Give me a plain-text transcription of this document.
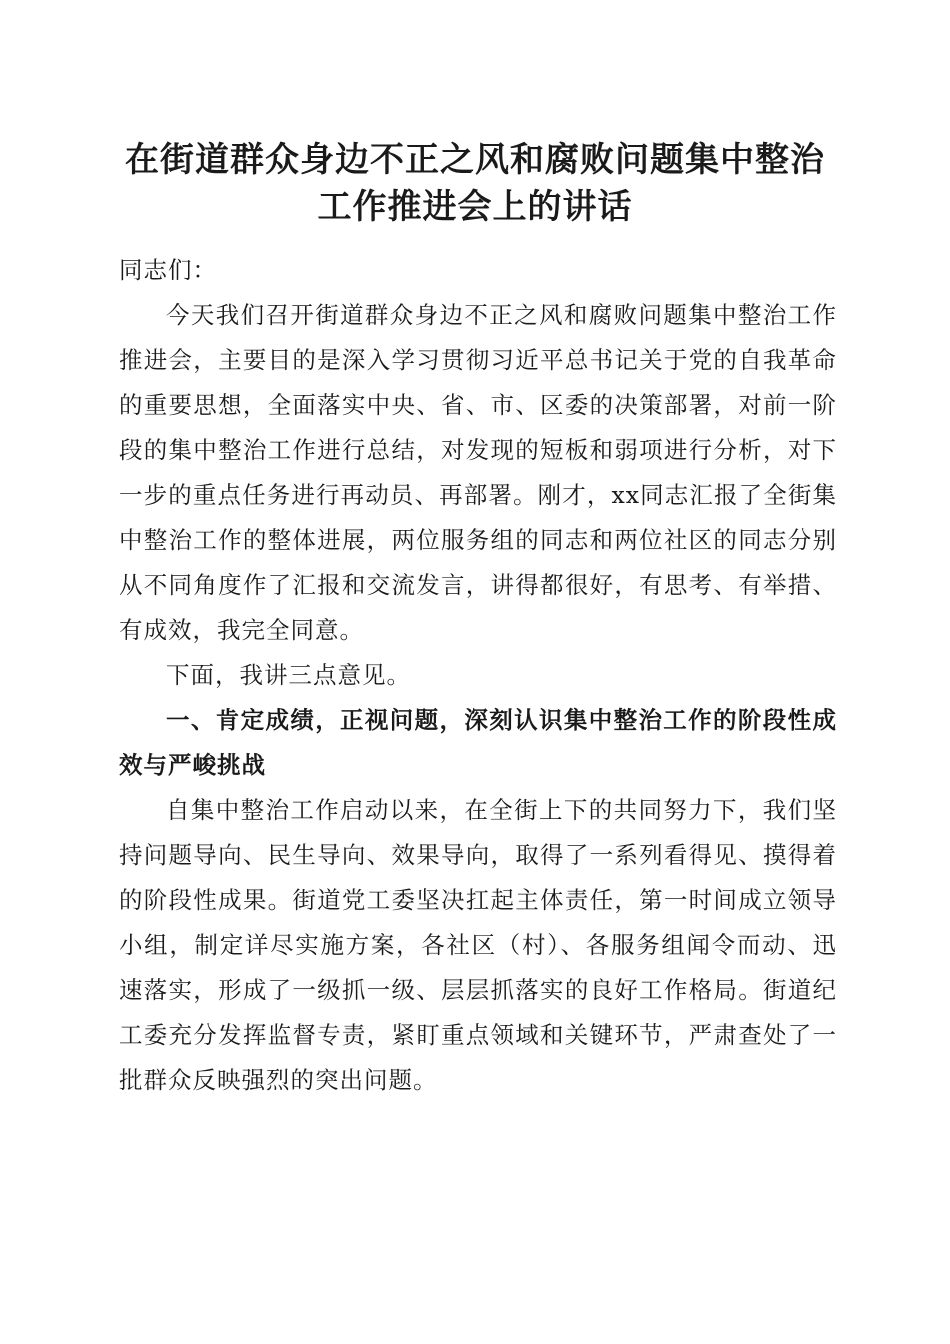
在街道群众身边不正之风和腐败问题集中整治
工作推进会上的讲话

同志们：

今天我们召开街道群众身边不正之风和腐败问题集中整治工作推进会，主要目的是深入学习贯彻习近平总书记关于党的自我革命的重要思想，全面落实中央、省、市、区委的决策部署，对前一阶段的集中整治工作进行总结，对发现的短板和弱项进行分析，对下一步的重点任务进行再动员、再部署。刚才，xx同志汇报了全街集中整治工作的整体进展，两位服务组的同志和两位社区的同志分别从不同角度作了汇报和交流发言，讲得都很好，有思考、有举措、有成效，我完全同意。

下面，我讲三点意见。

一、肯定成绩，正视问题，深刻认识集中整治工作的阶段性成效与严峻挑战

自集中整治工作启动以来，在全街上下的共同努力下，我们坚持问题导向、民生导向、效果导向，取得了一系列看得见、摸得着的阶段性成果。街道党工委坚决扛起主体责任，第一时间成立领导小组，制定详尽实施方案，各社区（村）、各服务组闻令而动、迅速落实，形成了一级抓一级、层层抓落实的良好工作格局。街道纪工委充分发挥监督专责，紧盯重点领域和关键环节，严肃查处了一批群众反映强烈的突出问题。
